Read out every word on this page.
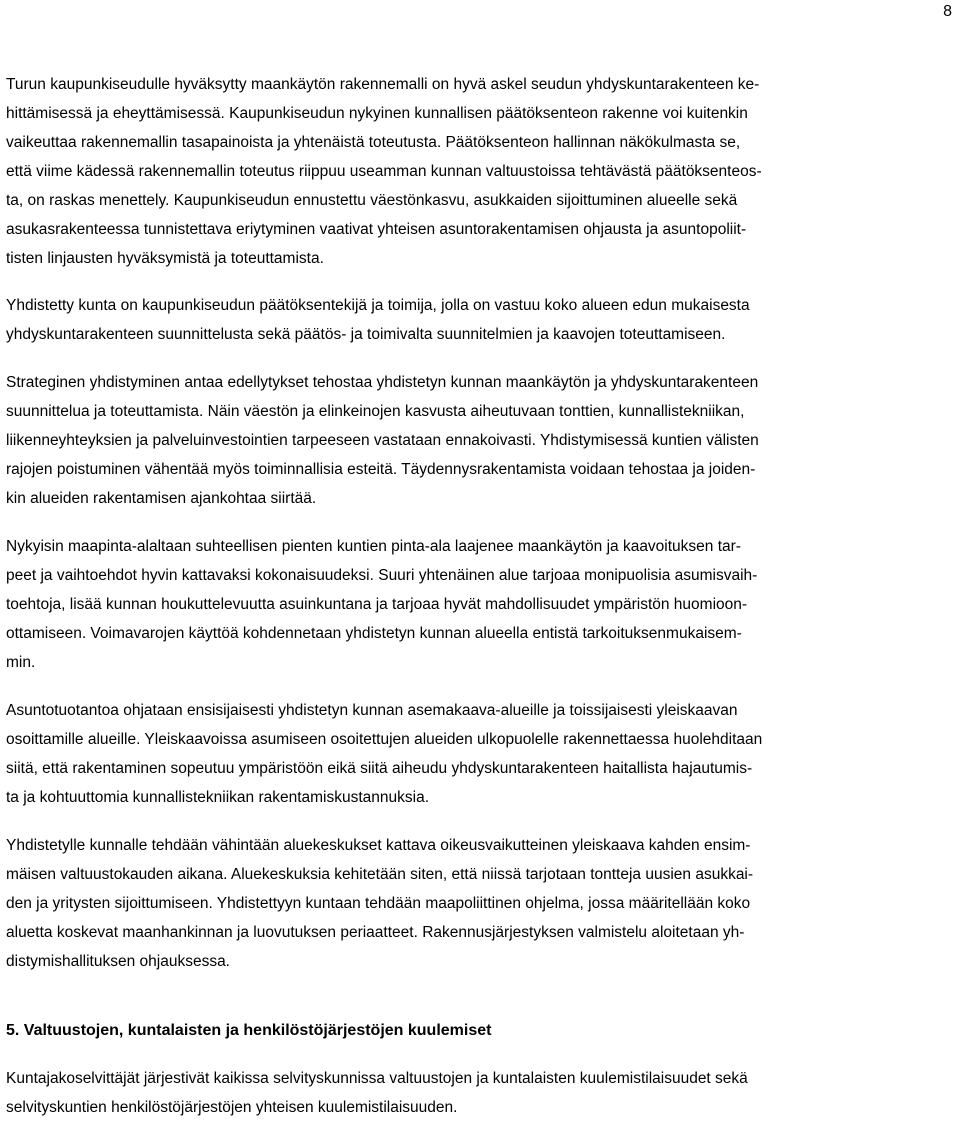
8

Turun kaupunkiseudulle hyväksytty maankäytön rakennemalli on hyvä askel seudun yhdyskuntarakenteen ke-
hittämisessä ja eheyttämisessä. Kaupunkiseudun nykyinen kunnallisen päätöksenteon rakenne voi kuitenkin
vaikeuttaa rakennemallin tasapainoista ja yhtenäistä toteutusta. Päätöksenteon hallinnan näkökulmasta se,
että viime kädessä rakennemallin toteutus riippuu useamman kunnan valtuustoissa tehtävästä päätöksenteos-
ta, on raskas menettely. Kaupunkiseudun ennustettu väestönkasvu, asukkaiden sijoittuminen alueelle sekä
asukasrakenteessa tunnistettava eriytyminen vaativat yhteisen asuntorakentamisen ohjausta ja asuntopoliit-
tisten linjausten hyväksymistä ja toteuttamista.

Yhdistetty kunta on kaupunkiseudun päätöksentekijä ja toimija, jolla on vastuu koko alueen edun mukaisesta
yhdyskuntarakenteen suunnittelusta sekä päätös- ja toimivalta suunnitelmien ja kaavojen toteuttamiseen.

Strateginen yhdistyminen antaa edellytykset tehostaa yhdistetyn kunnan maankäytön ja yhdyskuntarakenteen
suunnittelua ja toteuttamista. Näin väestön ja elinkeinojen kasvusta aiheutuvaan tonttien, kunnallistekniikan,
liikenneyhteyksien ja palveluinvestointien tarpeeseen vastataan ennakoivasti. Yhdistymisessä kuntien välisten
rajojen poistuminen vähentää myös toiminnallisia esteitä. Täydennysrakentamista voidaan tehostaa ja joiden-
kin alueiden rakentamisen ajankohtaa siirtää.

Nykyisin maapinta-alaltaan suhteellisen pienten kuntien pinta-ala laajenee maankäytön ja kaavoituksen tar-
peet ja vaihtoehdot hyvin kattavaksi kokonaisuudeksi. Suuri yhtenäinen alue tarjoaa monipuolisia asumisvaih-
toehtoja, lisää kunnan houkuttelevuutta asuinkuntana ja tarjoaa hyvät mahdollisuudet ympäristön huomioon-
ottamiseen. Voimavarojen käyttöä kohdennetaan yhdistetyn kunnan alueella entistä tarkoituksenmukaisem-
min.

Asuntotuotantoa ohjataan ensisijaisesti yhdistetyn kunnan asemakaava-alueille ja toissijaisesti yleiskaavan
osoittamille alueille. Yleiskaavoissa asumiseen osoitettujen alueiden ulkopuolelle rakennettaessa huolehditaan
siitä, että rakentaminen sopeutuu ympäristöön eikä siitä aiheudu yhdyskuntarakenteen haitallista hajautumis-
ta ja kohtuuttomia kunnallistekniikan rakentamiskustannuksia.

Yhdistetylle kunnalle tehdään vähintään aluekeskukset kattava oikeusvaikutteinen yleiskaava kahden ensim-
mäisen valtuustokauden aikana. Aluekeskuksia kehitetään siten, että niissä tarjotaan tontteja uusien asukkai-
den ja yritysten sijoittumiseen. Yhdistettyyn kuntaan tehdään maapoliittinen ohjelma, jossa määritellään koko
aluetta koskevat maanhankinnan ja luovutuksen periaatteet. Rakennusjärjestyksen valmistelu aloitetaan yh-
distymishallituksen ohjauksessa.

5. Valtuustojen, kuntalaisten ja henkilöstöjärjestöjen kuulemiset

Kuntajakoselvittäjät järjestivät kaikissa selvityskunnissa valtuustojen ja kuntalaisten kuulemistilaisuudet sekä
selvityskuntien henkilöstöjärjestöjen yhteisen kuulemistilaisuuden.
